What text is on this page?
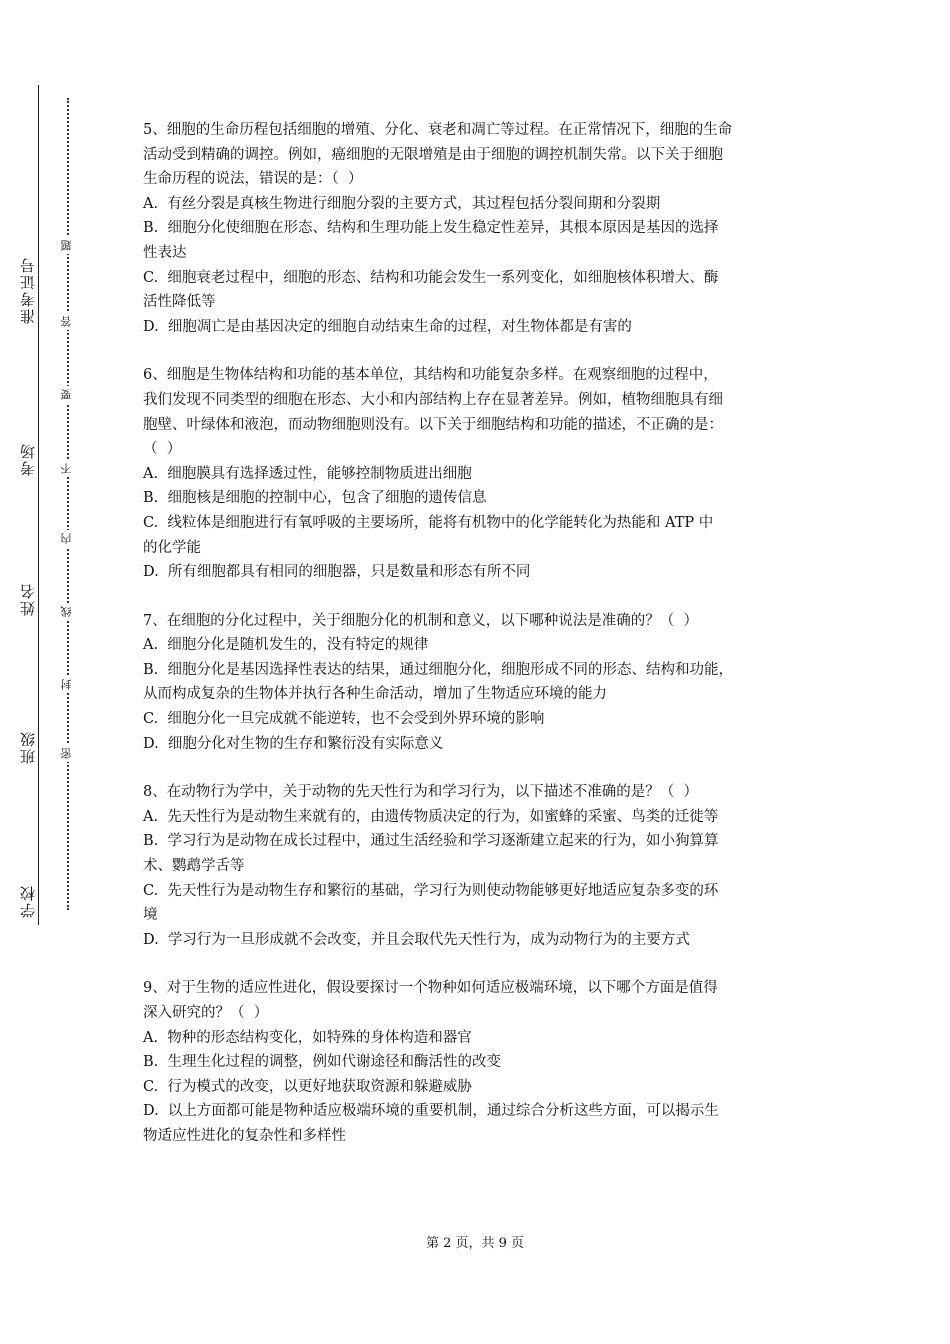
准考证号
考场
姓名
班级
学校
题
答
要
不
内
线
封
密
5、细胞的生命历程包括细胞的增殖、分化、衰老和凋亡等过程。在正常情况下，细胞的生命
活动受到精确的调控。例如，癌细胞的无限增殖是由于细胞的调控机制失常。以下关于细胞
生命历程的说法，错误的是：（  ）
A.  有丝分裂是真核生物进行细胞分裂的主要方式，其过程包括分裂间期和分裂期
B.  细胞分化使细胞在形态、结构和生理功能上发生稳定性差异，其根本原因是基因的选择
性表达
C.  细胞衰老过程中，细胞的形态、结构和功能会发生一系列变化，如细胞核体积增大、酶
活性降低等
D.  细胞凋亡是由基因决定的细胞自动结束生命的过程，对生物体都是有害的
6、细胞是生物体结构和功能的基本单位，其结构和功能复杂多样。在观察细胞的过程中，
我们发现不同类型的细胞在形态、大小和内部结构上存在显著差异。例如，植物细胞具有细
胞壁、叶绿体和液泡，而动物细胞则没有。以下关于细胞结构和功能的描述，不正确的是：
（  ）
A.  细胞膜具有选择透过性，能够控制物质进出细胞
B.  细胞核是细胞的控制中心，包含了细胞的遗传信息
C.  线粒体是细胞进行有氧呼吸的主要场所，能将有机物中的化学能转化为热能和 ATP 中
的化学能
D.  所有细胞都具有相同的细胞器，只是数量和形态有所不同
7、在细胞的分化过程中，关于细胞分化的机制和意义，以下哪种说法是准确的？（  ）
A.  细胞分化是随机发生的，没有特定的规律
B.  细胞分化是基因选择性表达的结果，通过细胞分化，细胞形成不同的形态、结构和功能，
从而构成复杂的生物体并执行各种生命活动，增加了生物适应环境的能力
C.  细胞分化一旦完成就不能逆转，也不会受到外界环境的影响
D.  细胞分化对生物的生存和繁衍没有实际意义
8、在动物行为学中，关于动物的先天性行为和学习行为，以下描述不准确的是？（  ）
A.  先天性行为是动物生来就有的，由遗传物质决定的行为，如蜜蜂的采蜜、鸟类的迁徙等
B.  学习行为是动物在成长过程中，通过生活经验和学习逐渐建立起来的行为，如小狗算算
术、鹦鹉学舌等
C.  先天性行为是动物生存和繁衍的基础，学习行为则使动物能够更好地适应复杂多变的环
境
D.  学习行为一旦形成就不会改变，并且会取代先天性行为，成为动物行为的主要方式
9、对于生物的适应性进化，假设要探讨一个物种如何适应极端环境，以下哪个方面是值得
深入研究的？（  ）
A.  物种的形态结构变化，如特殊的身体构造和器官
B.  生理生化过程的调整，例如代谢途径和酶活性的改变
C.  行为模式的改变，以更好地获取资源和躲避威胁
D.  以上方面都可能是物种适应极端环境的重要机制，通过综合分析这些方面，可以揭示生
物适应性进化的复杂性和多样性
第 2 页，共 9 页
